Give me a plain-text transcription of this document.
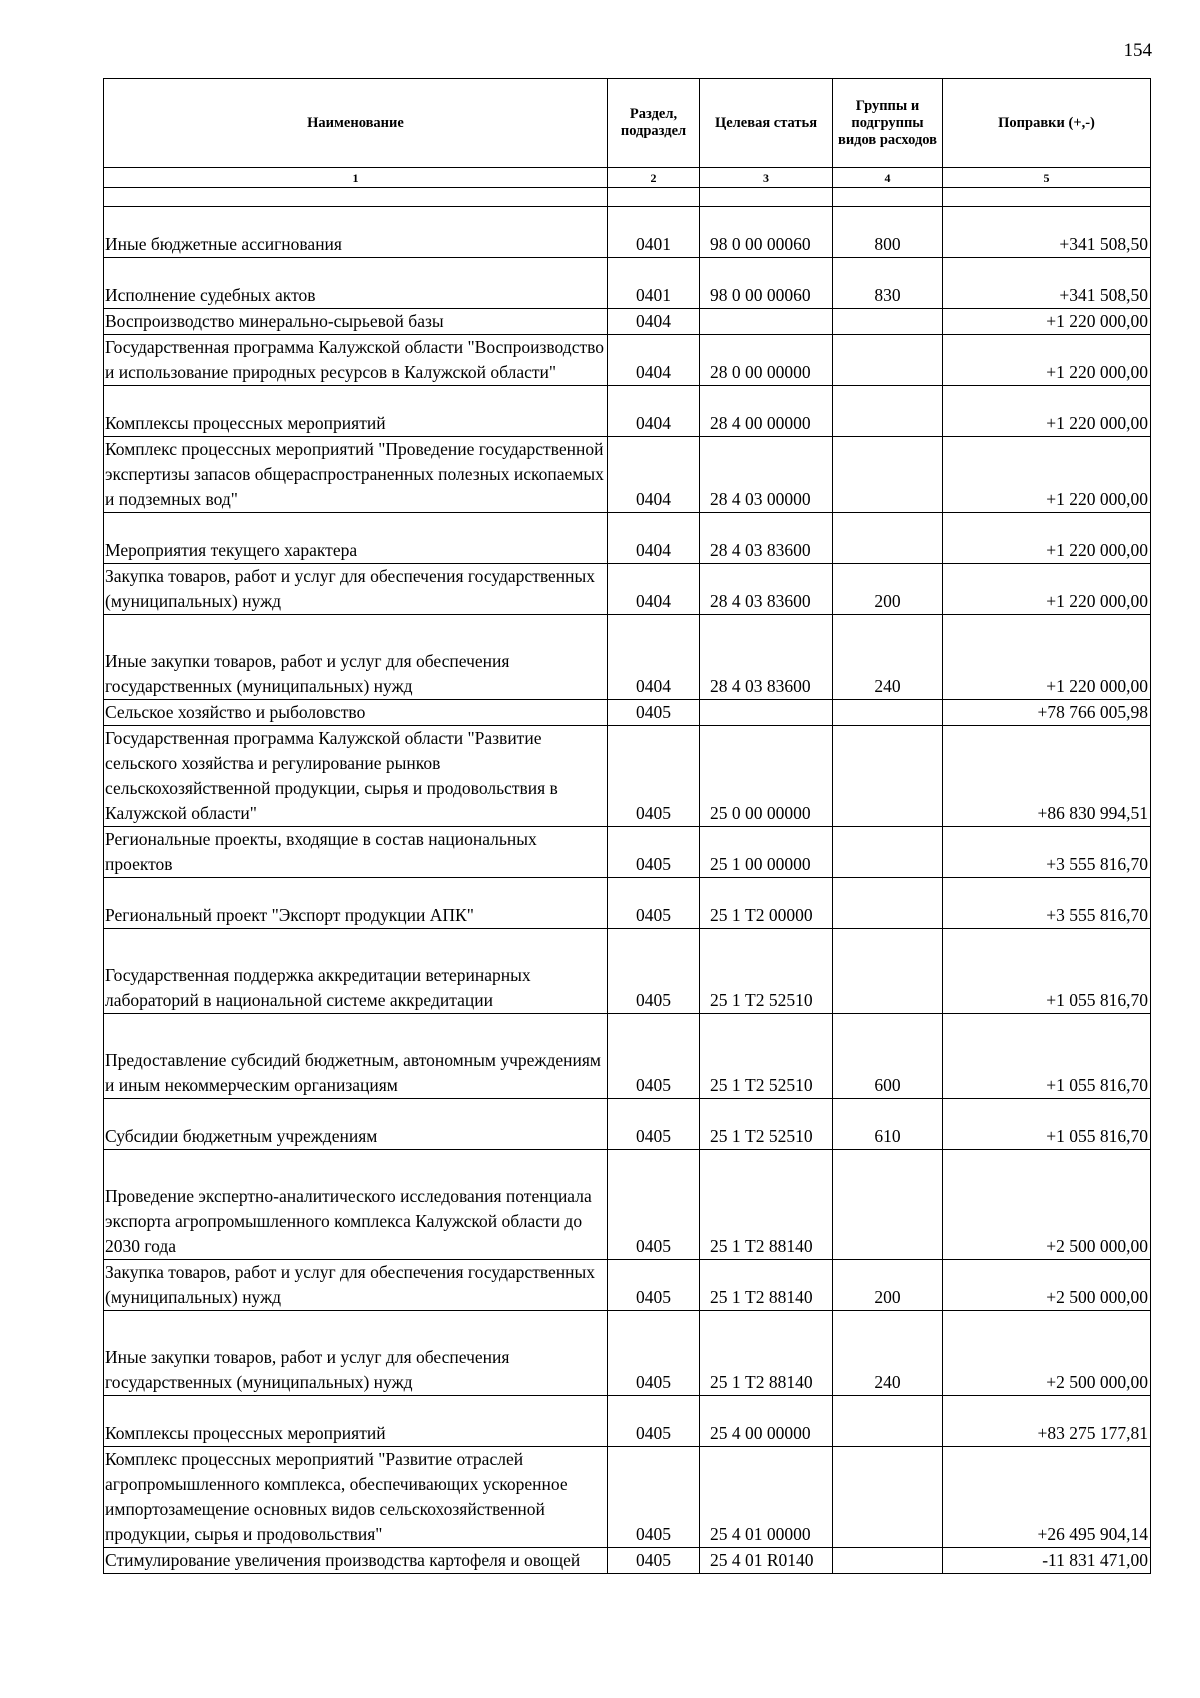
154
Наименование	Раздел, подраздел	Целевая статья	Группы и подгруппы видов расходов	Поправки (+,-)
1	2	3	4	5

Иные бюджетные ассигнования	0401	98 0 00 00060	800	+341 508,50
Исполнение судебных актов	0401	98 0 00 00060	830	+341 508,50
Воспроизводство минерально-сырьевой базы	0404			+1 220 000,00
Государственная программа Калужской области "Воспроизводство и использование природных ресурсов в Калужской области"	0404	28 0 00 00000		+1 220 000,00
Комплексы процессных мероприятий	0404	28 4 00 00000		+1 220 000,00
Комплекс процессных мероприятий "Проведение государственной экспертизы запасов общераспространенных полезных ископаемых и подземных вод"	0404	28 4 03 00000		+1 220 000,00
Мероприятия текущего характера	0404	28 4 03 83600		+1 220 000,00
Закупка товаров, работ и услуг для обеспечения государственных (муниципальных) нужд	0404	28 4 03 83600	200	+1 220 000,00
Иные закупки товаров, работ и услуг для обеспечения государственных (муниципальных) нужд	0404	28 4 03 83600	240	+1 220 000,00
Сельское хозяйство и рыболовство	0405			+78 766 005,98
Государственная программа Калужской области "Развитие сельского хозяйства и регулирование рынков сельскохозяйственной продукции, сырья и продовольствия в Калужской области"	0405	25 0 00 00000		+86 830 994,51
Региональные проекты, входящие в состав национальных проектов	0405	25 1 00 00000		+3 555 816,70
Региональный проект "Экспорт продукции АПК"	0405	25 1 Т2 00000		+3 555 816,70
Государственная поддержка аккредитации ветеринарных лабораторий в национальной системе аккредитации	0405	25 1 Т2 52510		+1 055 816,70
Предоставление субсидий бюджетным, автономным учреждениям и иным некоммерческим организациям	0405	25 1 Т2 52510	600	+1 055 816,70
Субсидии бюджетным учреждениям	0405	25 1 Т2 52510	610	+1 055 816,70
Проведение экспертно-аналитического исследования потенциала экспорта агропромышленного комплекса Калужской области до 2030 года	0405	25 1 Т2 88140		+2 500 000,00
Закупка товаров, работ и услуг для обеспечения государственных (муниципальных) нужд	0405	25 1 Т2 88140	200	+2 500 000,00
Иные закупки товаров, работ и услуг для обеспечения государственных (муниципальных) нужд	0405	25 1 Т2 88140	240	+2 500 000,00
Комплексы процессных мероприятий	0405	25 4 00 00000		+83 275 177,81
Комплекс процессных мероприятий "Развитие отраслей агропромышленного комплекса, обеспечивающих ускоренное импортозамещение основных видов сельскохозяйственной продукции, сырья и продовольствия"	0405	25 4 01 00000		+26 495 904,14
Стимулирование увеличения производства картофеля и овощей	0405	25 4 01 R0140		-11 831 471,00
